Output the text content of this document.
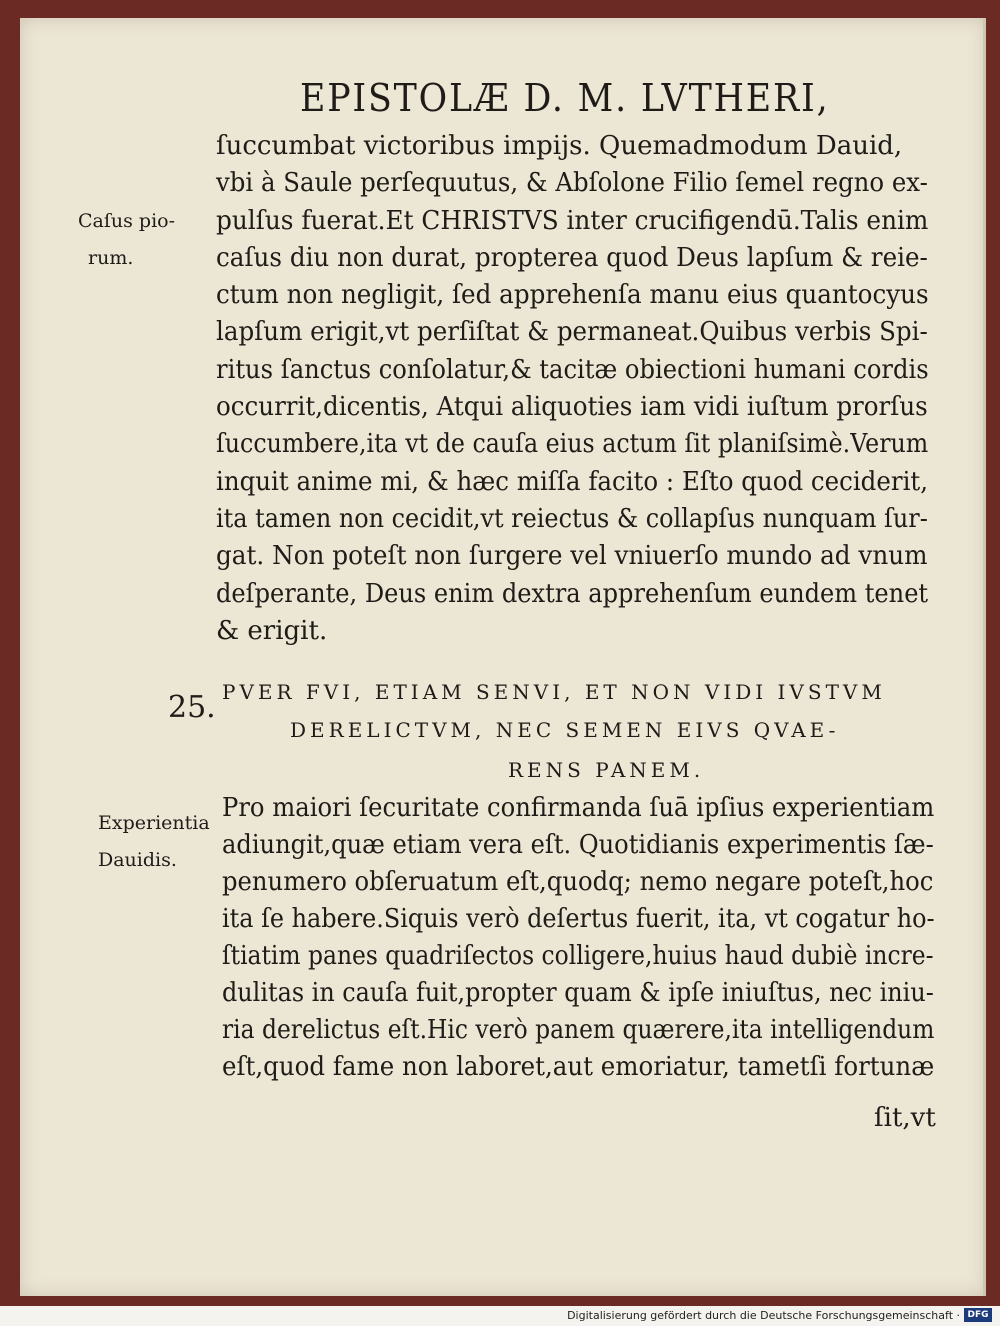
EPISTOLÆ D. M. LVTHERI,
ſuccumbat victoribus impijs. Quemadmodum Dauid,
vbi à Saule perſequutus, & Abſolone Filio ſemel regno ex-
pulſus fuerat.Et CHRISTVS inter crucifigendū.Talis enim
caſus diu non durat, propterea quod Deus lapſum & reie-
ctum non negligit, ſed apprehenſa manu eius quantocyus
lapſum erigit,vt perſiſtat & permaneat.Quibus verbis Spi-
ritus ſanctus conſolatur,& tacitæ obiectioni humani cordis
occurrit,dicentis, Atqui aliquoties iam vidi iuſtum prorſus
ſuccumbere,ita vt de cauſa eius actum ſit planiſsimè.Verum
inquit anime mi, & hæc miſſa facito : Eſto quod ceciderit,
ita tamen non cecidit,vt reiectus & collapſus nunquam ſur-
gat. Non poteſt non ſurgere vel vniuerſo mundo ad vnum
deſperante, Deus enim dextra apprehenſum eundem tenet
& erigit.
Caſus pio-
rum.
25. PVER FVI, ETIAM SENVI, ET NON VIDI IVSTVM
DERELICTVM, NEC SEMEN EIVS QVAE-
RENS PANEM.
Experientia
Dauidis.
Pro maiori ſecuritate confirmanda ſuā ipſius experientiam
adiungit,quæ etiam vera eſt. Quotidianis experimentis ſæ-
penumero obſeruatum eſt,quodq; nemo negare poteſt,hoc
ita ſe habere.Siquis verò deſertus fuerit, ita, vt cogatur ho-
ſtiatim panes quadriſectos colligere,huius haud dubiè incre-
dulitas in cauſa fuit,propter quam & ipſe iniuſtus, nec iniu-
ria derelictus eſt.Hic verò panem quærere,ita intelligendum
eſt,quod fame non laboret,aut emoriatur, tametſi fortunæ
ſit,vt
Digitalisierung gefördert durch die Deutsche Forschungsgemeinschaft · DFG
